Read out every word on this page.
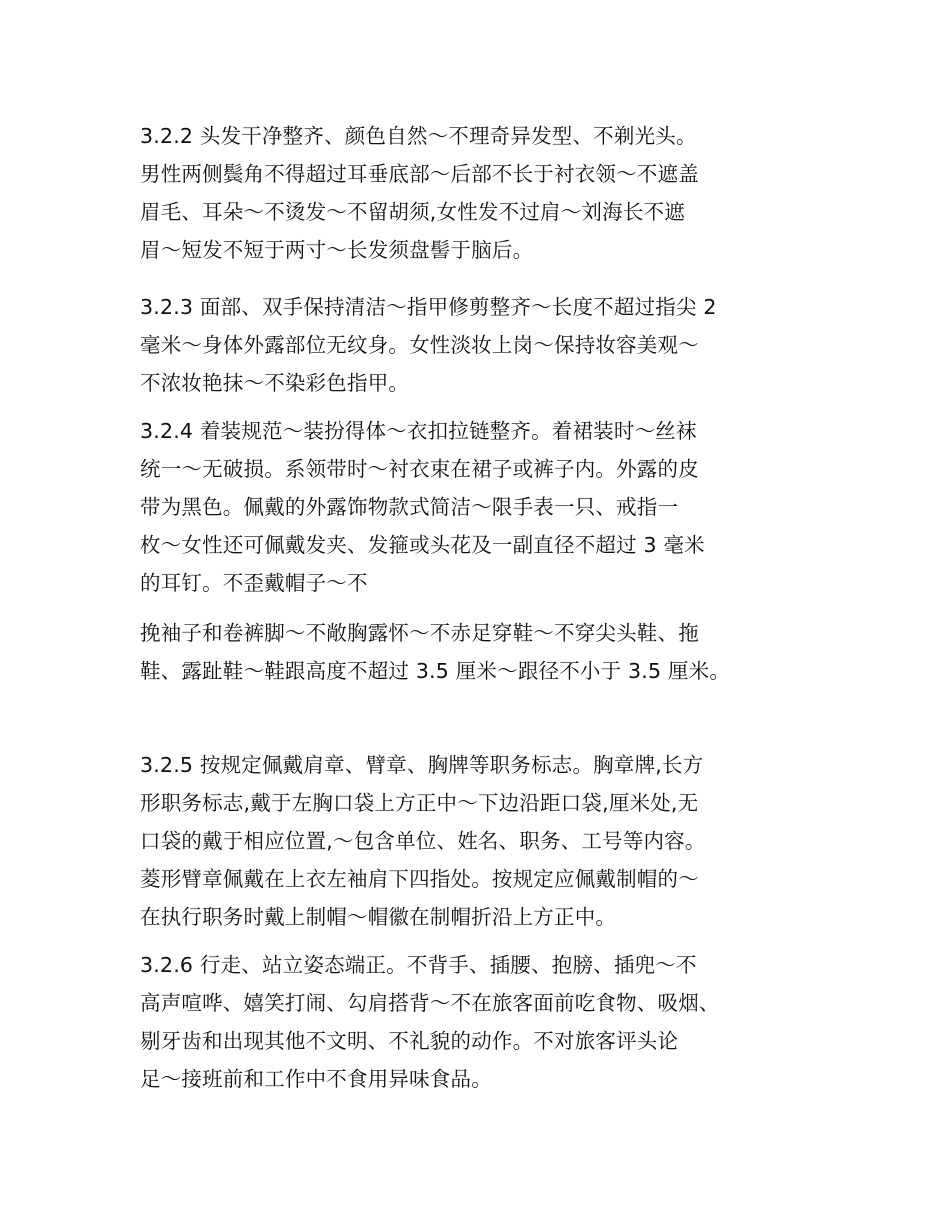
3.2.2 头发干净整齐、颜色自然～不理奇异发型、不剃光头。
男性两侧鬓角不得超过耳垂底部～后部不长于衬衣领～不遮盖
眉毛、耳朵～不烫发～不留胡须,女性发不过肩～刘海长不遮
眉～短发不短于两寸～长发须盘髻于脑后。
3.2.3 面部、双手保持清洁～指甲修剪整齐～长度不超过指尖 2
毫米～身体外露部位无纹身。女性淡妆上岗～保持妆容美观～
不浓妆艳抹～不染彩色指甲。
3.2.4 着装规范～装扮得体～衣扣拉链整齐。着裙装时～丝袜
统一～无破损。系领带时～衬衣束在裙子或裤子内。外露的皮
带为黑色。佩戴的外露饰物款式简洁～限手表一只、戒指一
枚～女性还可佩戴发夹、发箍或头花及一副直径不超过 3 毫米
的耳钉。不歪戴帽子～不
挽袖子和卷裤脚～不敞胸露怀～不赤足穿鞋～不穿尖头鞋、拖
鞋、露趾鞋～鞋跟高度不超过 3.5 厘米～跟径不小于 3.5 厘米。
3.2.5 按规定佩戴肩章、臂章、胸牌等职务标志。胸章牌,长方
形职务标志,戴于左胸口袋上方正中～下边沿距口袋,厘米处,无
口袋的戴于相应位置,～包含单位、姓名、职务、工号等内容。
菱形臂章佩戴在上衣左袖肩下四指处。按规定应佩戴制帽的～
在执行职务时戴上制帽～帽徽在制帽折沿上方正中。
3.2.6 行走、站立姿态端正。不背手、插腰、抱膀、插兜～不
高声喧哗、嬉笑打闹、勾肩搭背～不在旅客面前吃食物、吸烟、
剔牙齿和出现其他不文明、不礼貌的动作。不对旅客评头论
足～接班前和工作中不食用异味食品。
